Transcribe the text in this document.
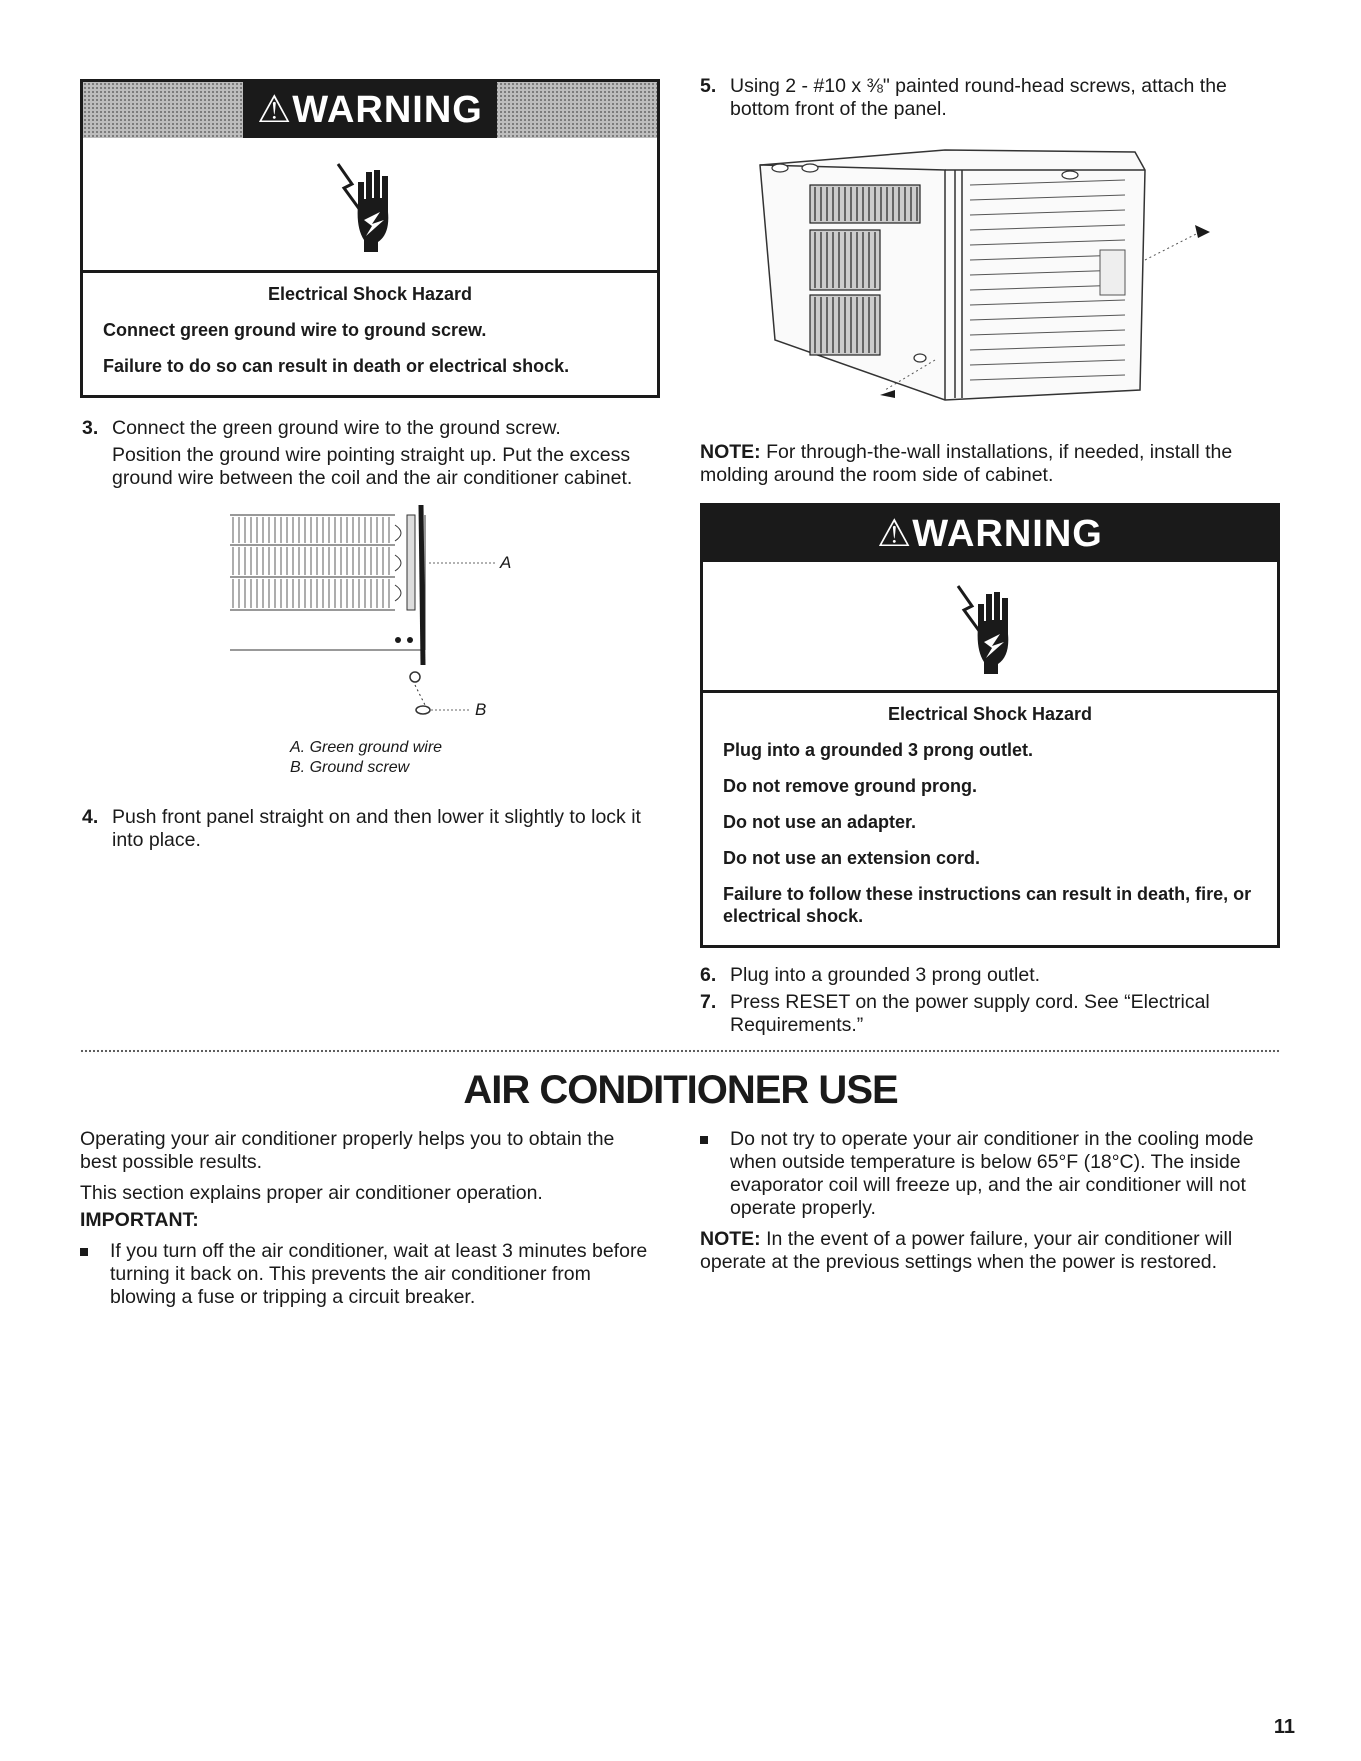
⚠WARNING
Electrical Shock Hazard

Connect green ground wire to ground screw.

Failure to do so can result in death or electrical shock.

3. Connect the green ground wire to the ground screw.
Position the ground wire pointing straight up. Put the excess ground wire between the coil and the air conditioner cabinet.
A
B
A. Green ground wire
B. Ground screw
4. Push front panel straight on and then lower it slightly to lock it into place.
5. Using 2 - #10 x ⅜" painted round-head screws, attach the bottom front of the panel.
NOTE: For through-the-wall installations, if needed, install the molding around the room side of cabinet.
⚠WARNING
Electrical Shock Hazard

Plug into a grounded 3 prong outlet.

Do not remove ground prong.

Do not use an adapter.

Do not use an extension cord.

Failure to follow these instructions can result in death, fire, or electrical shock.

6. Plug into a grounded 3 prong outlet.
7. Press RESET on the power supply cord. See “Electrical Requirements.”
AIR CONDITIONER USE
Operating your air conditioner properly helps you to obtain the best possible results.
This section explains proper air conditioner operation.
IMPORTANT:
If you turn off the air conditioner, wait at least 3 minutes before turning it back on. This prevents the air conditioner from blowing a fuse or tripping a circuit breaker.
Do not try to operate your air conditioner in the cooling mode when outside temperature is below 65°F (18°C). The inside evaporator coil will freeze up, and the air conditioner will not operate properly.
NOTE: In the event of a power failure, your air conditioner will operate at the previous settings when the power is restored.
11
